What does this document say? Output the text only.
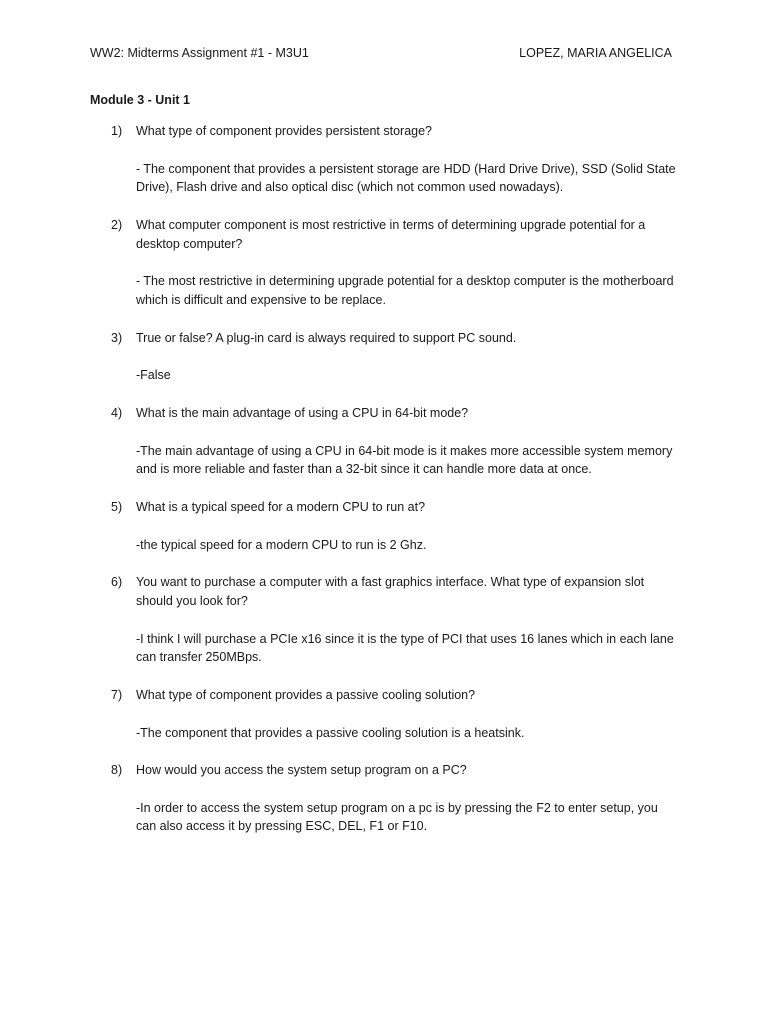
WW2: Midterms Assignment #1 - M3U1	LOPEZ, MARIA ANGELICA
Module 3 - Unit 1
1) What type of component provides persistent storage?

- The component that provides a persistent storage are HDD (Hard Drive Drive), SSD (Solid State Drive), Flash drive and also optical disc (which not common used nowadays).

2) What computer component is most restrictive in terms of determining upgrade potential for a desktop computer?

- The most restrictive in determining upgrade potential for a desktop computer is the motherboard which is difficult and expensive to be replace.

3) True or false? A plug-in card is always required to support PC sound.

-False

4) What is the main advantage of using a CPU in 64-bit mode?

-The main advantage of using a CPU in 64-bit mode is it makes more accessible system memory and is more reliable and faster than a 32-bit since it can handle more data at once.

5) What is a typical speed for a modern CPU to run at?

-the typical speed for a modern CPU to run is 2 Ghz.

6) You want to purchase a computer with a fast graphics interface. What type of expansion slot should you look for?

-I think I will purchase a PCIe x16 since it is the type of PCI that uses 16 lanes which in each lane can transfer 250MBps.

7) What type of component provides a passive cooling solution?

-The component that provides a passive cooling solution is a heatsink.

8) How would you access the system setup program on a PC?

-In order to access the system setup program on a pc is by pressing the F2 to enter setup, you can also access it by pressing ESC, DEL, F1 or F10.
